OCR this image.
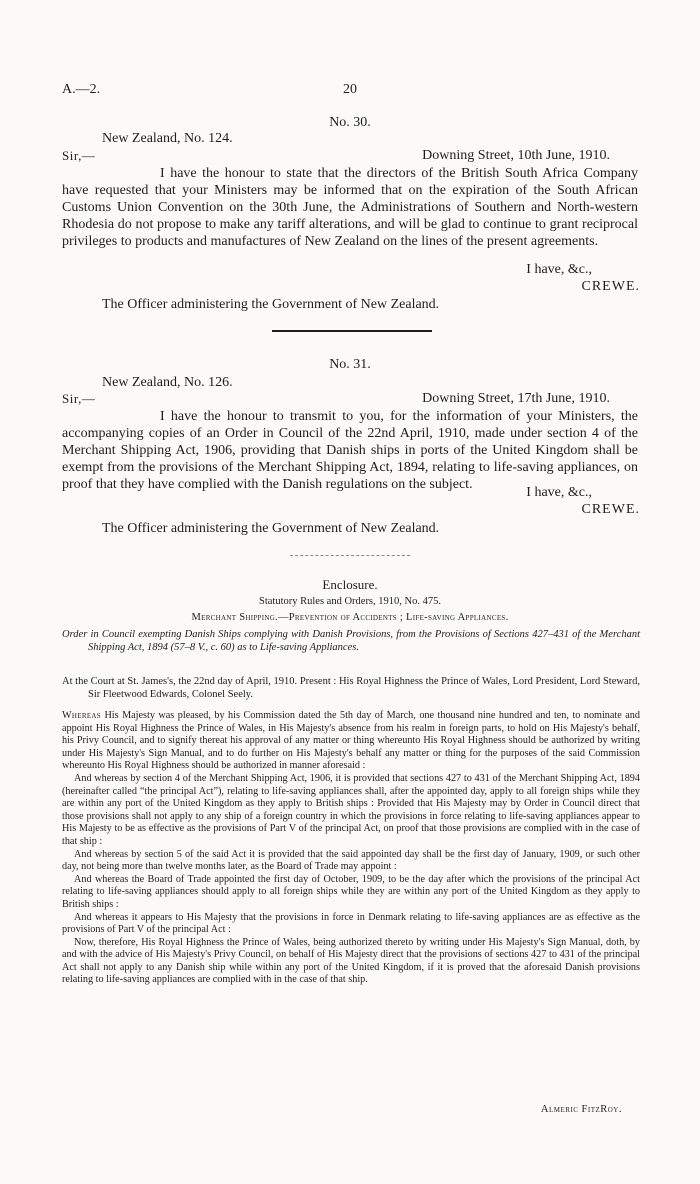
A.—2.	20
No. 30.
New Zealand, No. 124.
Sir,—	Downing Street, 10th June, 1910.
I have the honour to state that the directors of the British South Africa Company have requested that your Ministers may be informed that on the expiration of the South African Customs Union Convention on the 30th June, the Administrations of Southern and North-western Rhodesia do not propose to make any tariff alterations, and will be glad to continue to grant reciprocal privileges to products and manufactures of New Zealand on the lines of the present agreements.
I have, &c.,
CREWE.
The Officer administering the Government of New Zealand.
No. 31.
New Zealand, No. 126.
Sir,—	Downing Street, 17th June, 1910.
I have the honour to transmit to you, for the information of your Ministers, the accompanying copies of an Order in Council of the 22nd April, 1910, made under section 4 of the Merchant Shipping Act, 1906, providing that Danish ships in ports of the United Kingdom shall be exempt from the provisions of the Merchant Shipping Act, 1894, relating to life-saving appliances, on proof that they have complied with the Danish regulations on the subject.
I have, &c.,
CREWE.
The Officer administering the Government of New Zealand.
Enclosure.
Statutory Rules and Orders, 1910, No. 475.
Merchant Shipping.—Prevention of Accidents ; Life-saving Appliances.
Order in Council exempting Danish Ships complying with Danish Provisions, from the Provisions of Sections 427–431 of the Merchant Shipping Act, 1894 (57–8 V., c. 60) as to Life-saving Appliances.
At the Court at St. James's, the 22nd day of April, 1910. Present : His Royal Highness the Prince of Wales, Lord President, Lord Steward, Sir Fleetwood Edwards, Colonel Seely.

Whereas His Majesty was pleased, by his Commission dated the 5th day of March, one thousand nine hundred and ten, to nominate and appoint His Royal Highness the Prince of Wales, in His Majesty's absence from his realm in foreign parts, to hold on His Majesty's behalf, his Privy Council, and to signify thereat his approval of any matter or thing whereunto His Royal Highness should be authorized by writing under His Majesty's Sign Manual, and to do further on His Majesty's behalf any matter or thing for the purposes of the said Commission whereunto His Royal Highness should be authorized in manner aforesaid :

And whereas by section 4 of the Merchant Shipping Act, 1906, it is provided that sections 427 to 431 of the Merchant Shipping Act, 1894 (hereinafter called “the principal Act”), relating to life-saving appliances shall, after the appointed day, apply to all foreign ships while they are within any port of the United Kingdom as they apply to British ships : Provided that His Majesty may by Order in Council direct that those provisions shall not apply to any ship of a foreign country in which the provisions in force relating to life-saving appliances appear to His Majesty to be as effective as the provisions of Part V of the principal Act, on proof that those provisions are complied with in the case of that ship :

And whereas by section 5 of the said Act it is provided that the said appointed day shall be the first day of January, 1909, or such other day, not being more than twelve months later, as the Board of Trade may appoint :

And whereas the Board of Trade appointed the first day of October, 1909, to be the day after which the provisions of the principal Act relating to life-saving appliances should apply to all foreign ships while they are within any port of the United Kingdom as they apply to British ships :

And whereas it appears to His Majesty that the provisions in force in Denmark relating to life-saving appliances are as effective as the provisions of Part V of the principal Act :

Now, therefore, His Royal Highness the Prince of Wales, being authorized thereto by writing under His Majesty's Sign Manual, doth, by and with the advice of His Majesty's Privy Council, on behalf of His Majesty direct that the provisions of sections 427 to 431 of the principal Act shall not apply to any Danish ship while within any port of the United Kingdom, if it is proved that the aforesaid Danish provisions relating to life-saving appliances are complied with in the case of that ship.

Almeric FitzRoy.
